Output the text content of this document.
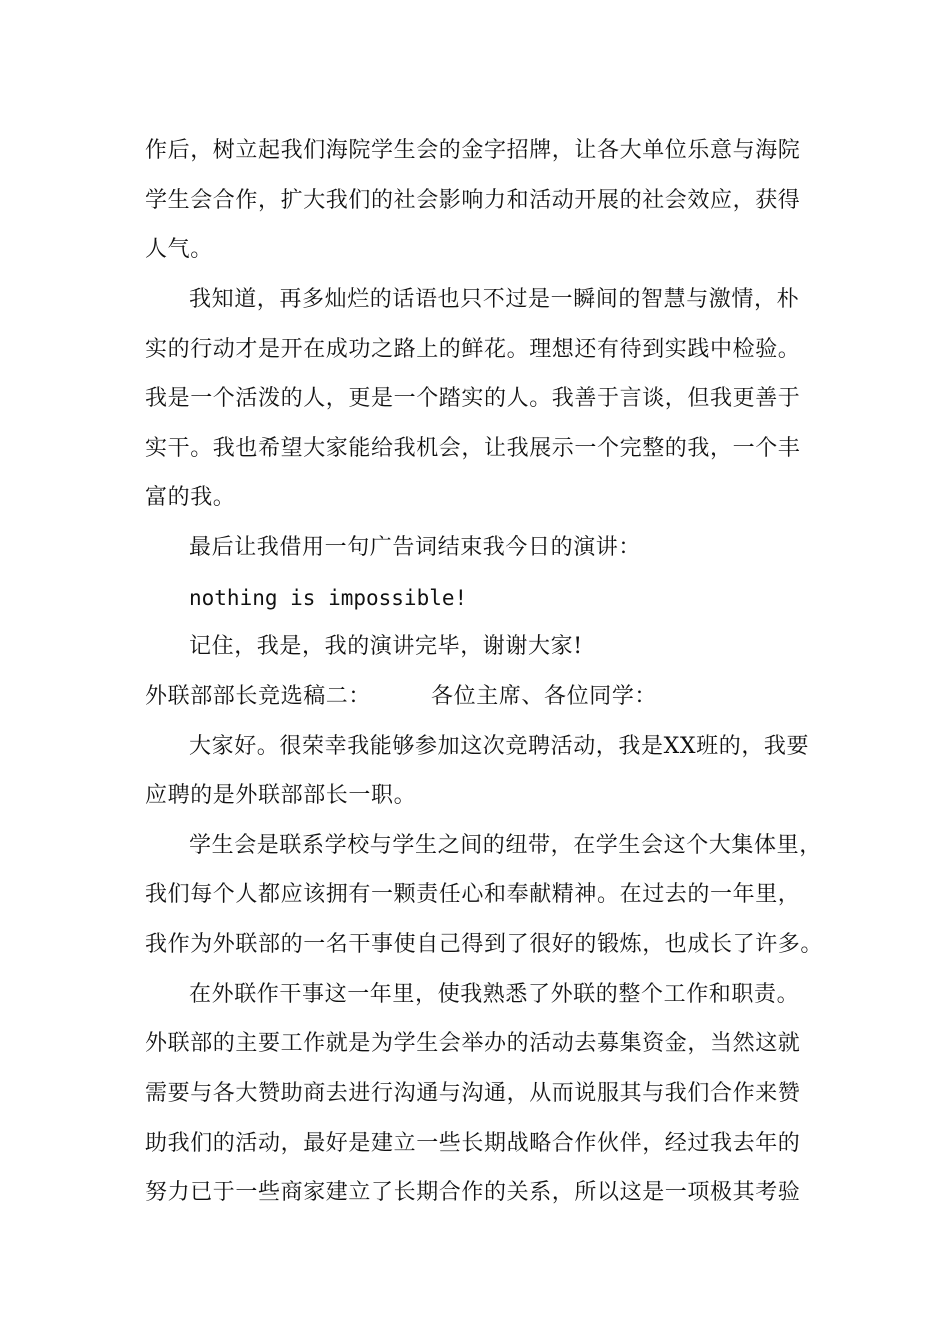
作后，树立起我们海院学生会的金字招牌，让各大单位乐意与海院
学生会合作，扩大我们的社会影响力和活动开展的社会效应，获得
人气。
我知道，再多灿烂的话语也只不过是一瞬间的智慧与激情，朴
实的行动才是开在成功之路上的鲜花。理想还有待到实践中检验。
我是一个活泼的人，更是一个踏实的人。我善于言谈，但我更善于
实干。我也希望大家能给我机会，让我展示一个完整的我，一个丰
富的我。
最后让我借用一句广告词结束我今日的演讲：
nothing is impossible!
记住，我是，我的演讲完毕，谢谢大家!
外联部部长竞选稿二：	各位主席、各位同学：
大家好。很荣幸我能够参加这次竞聘活动，我是XX班的，我要
应聘的是外联部部长一职。
学生会是联系学校与学生之间的纽带，在学生会这个大集体里，
我们每个人都应该拥有一颗责任心和奉献精神。在过去的一年里，
我作为外联部的一名干事使自己得到了很好的锻炼，也成长了许多。
在外联作干事这一年里，使我熟悉了外联的整个工作和职责。
外联部的主要工作就是为学生会举办的活动去募集资金，当然这就
需要与各大赞助商去进行沟通与沟通，从而说服其与我们合作来赞
助我们的活动，最好是建立一些长期战略合作伙伴，经过我去年的
努力已于一些商家建立了长期合作的关系，所以这是一项极其考验
